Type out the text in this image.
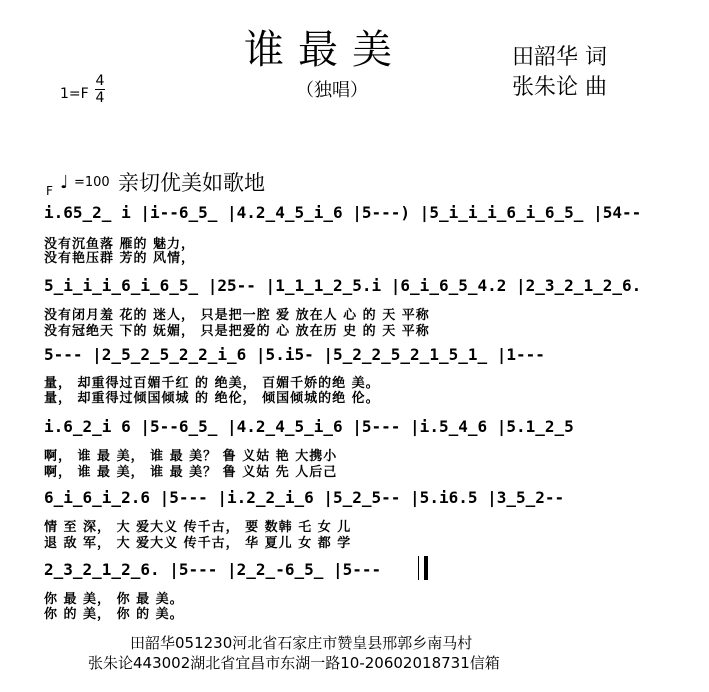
谁最美
（独唱）
田韶华 词
张朱论 曲
$1=F \frac{4}{4}$
F ♩ =100 亲切优美如歌地
i.65̲2̲ i |i--6̲5̲ |4.2̲4̲5̲i̲6 |5---) |5̲i̲i̲i̲6̲i̲6̲5̲ |54--
没有沉鱼落 雁的 魅力，
没有艳压群 芳的 风情，
5̲i̲i̲i̲6̲i̲6̲5̲ |25-- |1̲1̲1̲2̲5.i |6̲i̲6̲5̲4.2 |2̲3̲2̲1̲2̲6.
没有闭月羞 花的 迷人， 只是把一腔 爱 放在人 心 的 天 平称
没有冠绝天 下的 妩媚， 只是把爱的 心 放在历 史 的 天 平称
5--- |2̲5̲2̲5̲2̲2̲i̲6 |5.i5- |5̲2̲2̲5̲2̲1̲5̲1̲ |1---
量， 却重得过百媚千红 的 绝美， 百媚千娇的绝 美。
量， 却重得过倾国倾城 的 绝伦， 倾国倾城的绝 伦。
i.6̲2̲i 6 |5--6̲5̲ |4.2̲4̲5̲i̲6 |5--- |i.5̲4̲6 |5.1̲2̲5
啊， 谁 最 美， 谁 最 美？ 鲁 义姑 艳 大携小
啊， 谁 最 美， 谁 最 美？ 鲁 义姑 先 人后己
6̲i̲6̲i̲2.6 |5--- |i.2̲2̲i̲6 |5̲2̲5-- |5.i6.5 |3̲5̲2--
情 至 深， 大 爱大义 传千古， 要 数韩 乇 女 儿
退 敌 军， 大 爱大义 传千古， 华 夏儿 女 都 学
2̲3̲2̲1̲2̲6. |5--- |2̲2̲-6̲5̲ |5---
你 最 美， 你 最 美。
你 的 美， 你 的 美。
田韶华051230河北省石家庄市赞皇县邢郭乡南马村
张朱论443002湖北省宜昌市东湖一路10-20602018731信箱
